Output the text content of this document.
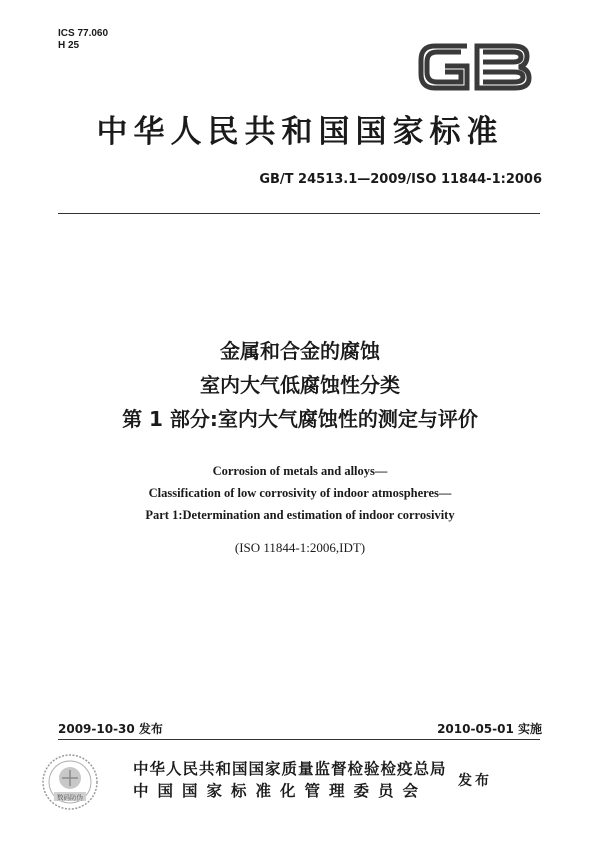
ICS 77.060
H 25
中华人民共和国国家标准
GB/T 24513.1—2009/ISO 11844-1:2006
金属和合金的腐蚀
室内大气低腐蚀性分类
第 1 部分:室内大气腐蚀性的测定与评价
Corrosion of metals and alloys—
Classification of low corrosivity of indoor atmospheres—
Part 1:Determination and estimation of indoor corrosivity
(ISO 11844-1:2006,IDT)
2009-10-30 发布	2010-05-01 实施
数码防伪
中华人民共和国国家质量监督检验检疫总局
中国国家标准化管理委员会
发布
